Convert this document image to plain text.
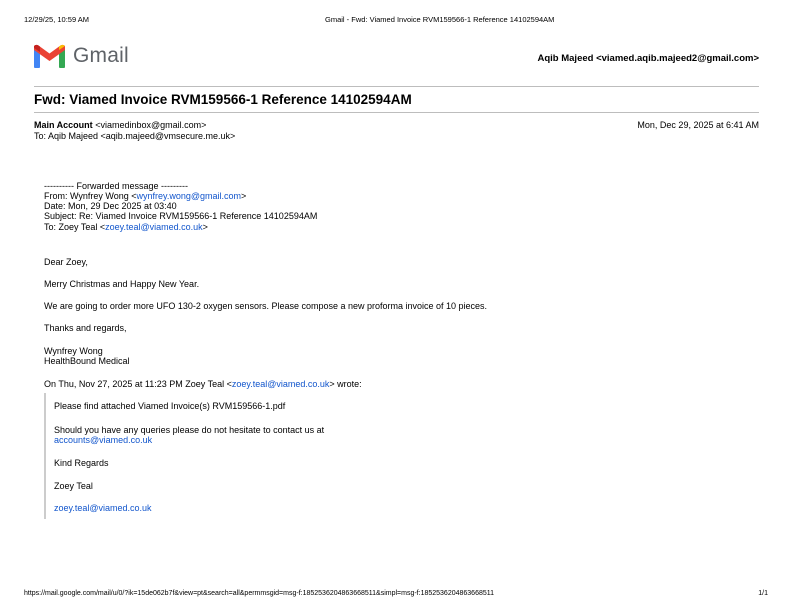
12/29/25, 10:59 AM	Gmail - Fwd: Viamed Invoice RVM159566-1 Reference 14102594AM
Gmail	Aqib Majeed <viamed.aqib.majeed2@gmail.com>
Fwd: Viamed Invoice RVM159566-1 Reference 14102594AM
Main Account <viamedinbox@gmail.com>	Mon, Dec 29, 2025 at 6:41 AM
To: Aqib Majeed <aqib.majeed@vmsecure.me.uk>
---------- Forwarded message ---------
From: Wynfrey Wong <wynfrey.wong@gmail.com>
Date: Mon, 29 Dec 2025 at 03:40
Subject: Re: Viamed Invoice RVM159566-1 Reference 14102594AM
To: Zoey Teal <zoey.teal@viamed.co.uk>
Dear Zoey,
Merry Christmas and Happy New Year.
We are going to order more UFO 130-2 oxygen sensors. Please compose a new proforma invoice of 10 pieces.
Thanks and regards,
Wynfrey Wong
HealthBound Medical
On Thu, Nov 27, 2025 at 11:23 PM Zoey Teal <zoey.teal@viamed.co.uk> wrote:
Please find attached Viamed Invoice(s) RVM159566-1.pdf
Should you have any queries please do not hesitate to contact us at
accounts@viamed.co.uk
Kind Regards
Zoey Teal
zoey.teal@viamed.co.uk
https://mail.google.com/mail/u/0/?ik=15de062b7f&view=pt&search=all&permmsgid=msg-f:1852536204863668511&simpl=msg-f:1852536204863668511	1/1
